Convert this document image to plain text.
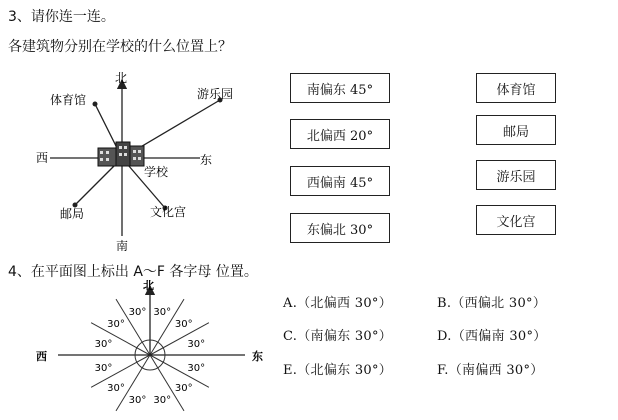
3、请你连一连。
各建筑物分别在学校的什么位置上？
北
南
东
西
体育馆	游乐园
学校
邮局	文化宫
南偏东 45°
北偏西 20°
西偏南 45°
东偏北 30°
体育馆
邮局
游乐园
文化宫
4、在平面图上标出 A～F 各字母 位置。
北
西	东
30°
30°
30°
30°
30°
30°
30°
30°
30° 30°
30°
30°
A.（北偏西 30°）	B.（西偏北 30°）
C.（南偏东 30°）	D.（西偏南 30°）
E.（北偏东 30°）	F.（南偏西 30°）
